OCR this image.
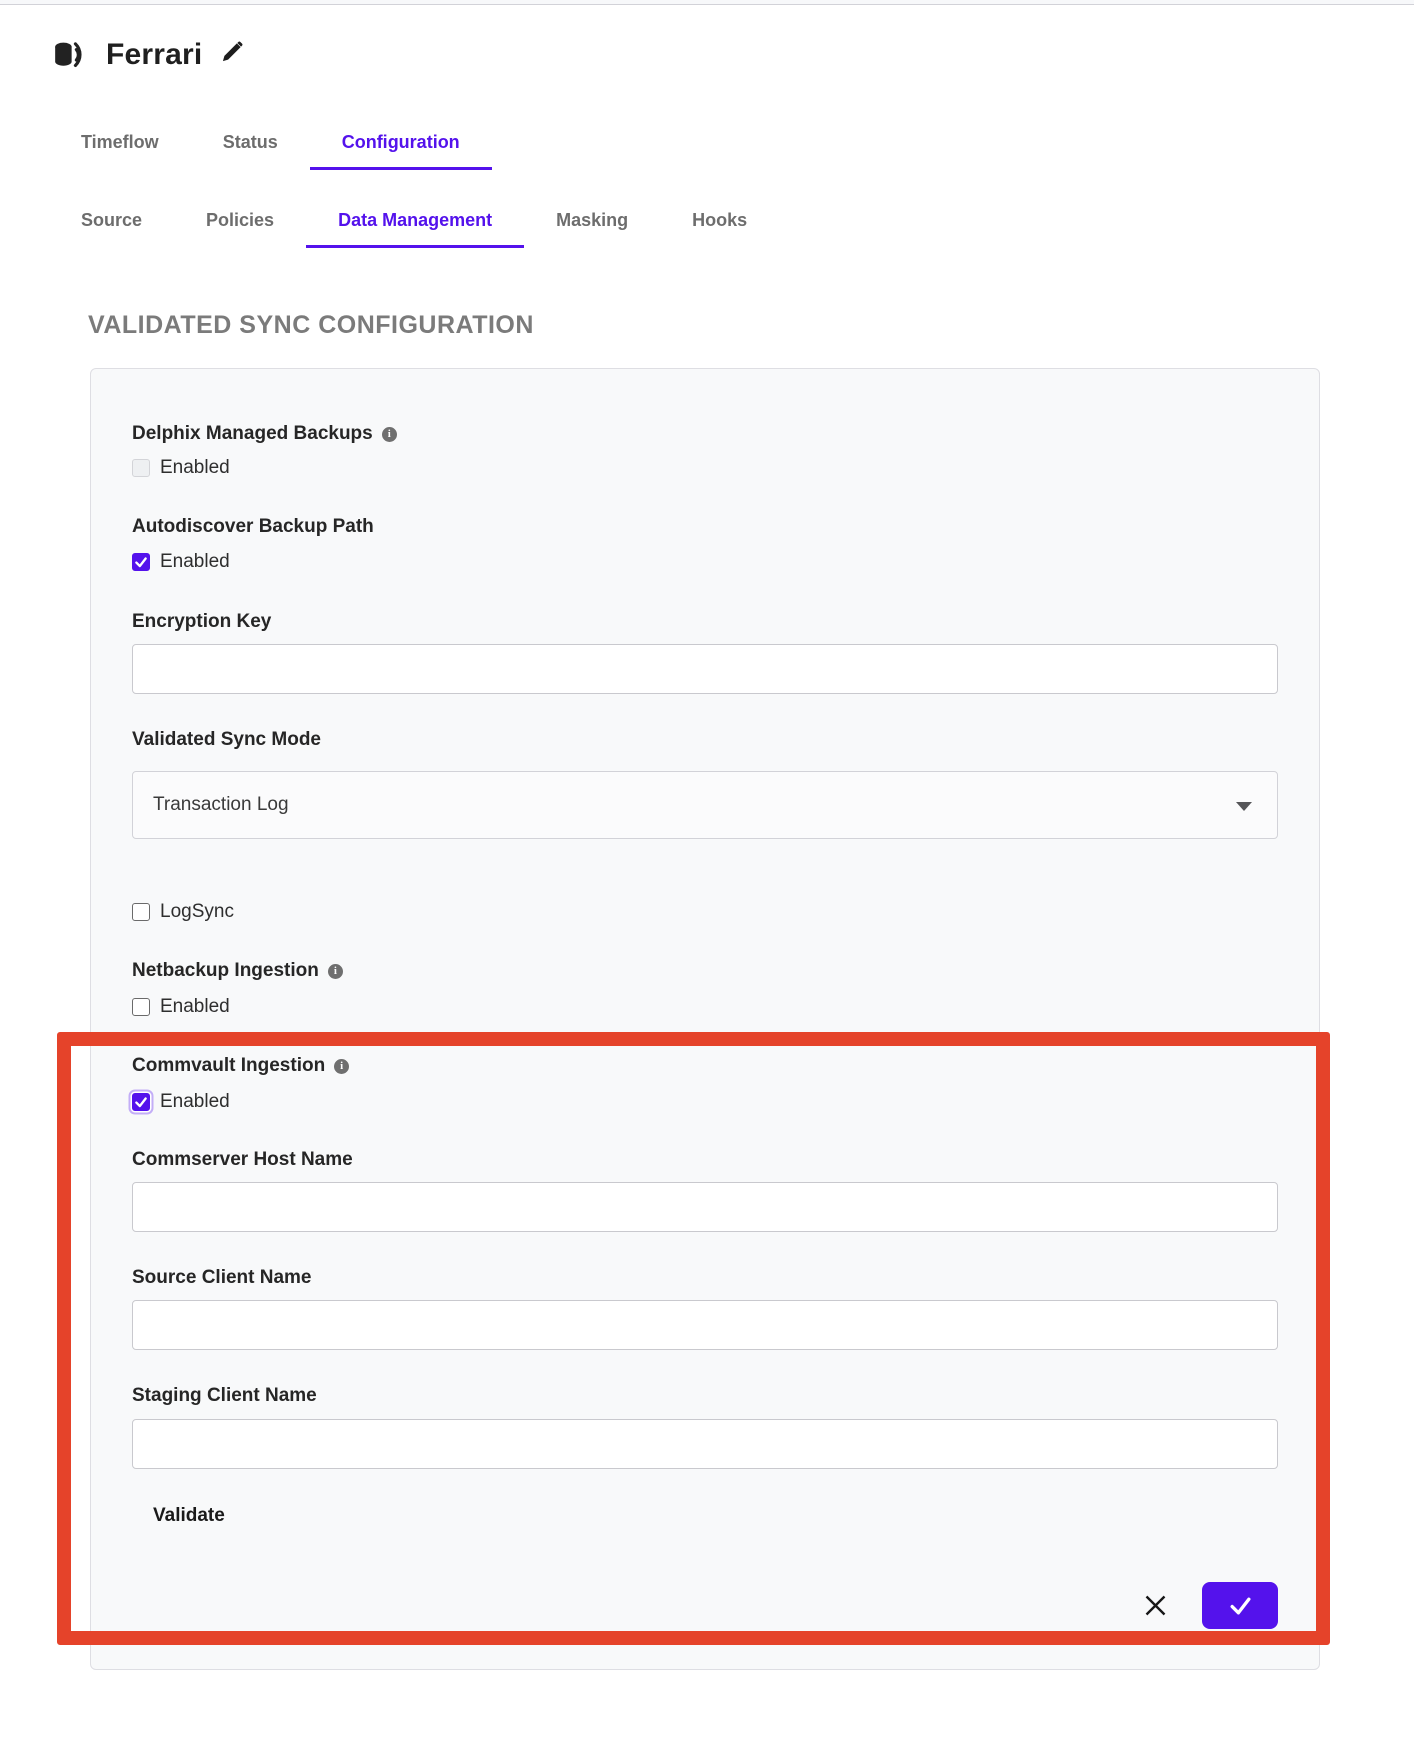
Ferrari
Timeflow	Status	Configuration
Source	Policies	Data Management	Masking	Hooks
VALIDATED SYNC CONFIGURATION
Delphix Managed Backups	i
Enabled
Autodiscover Backup Path
Enabled
Encryption Key
Validated Sync Mode
Transaction Log
LogSync
Netbackup Ingestion	i
Enabled
Commvault Ingestion	i
Enabled
Commserver Host Name
Source Client Name
Staging Client Name
Validate
